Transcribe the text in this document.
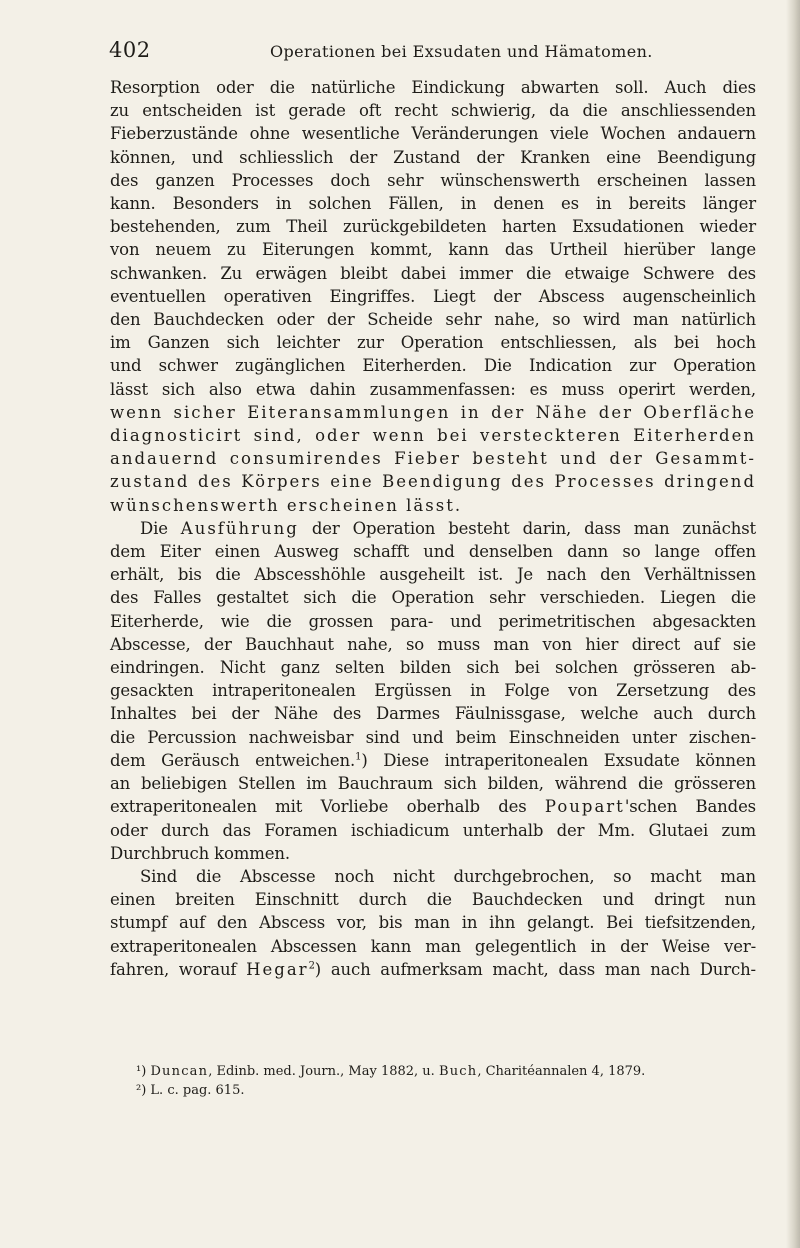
402	Operationen bei Exsudaten und Hämatomen.

Resorption oder die natürliche Eindickung abwarten soll. Auch dies

zu entscheiden ist gerade oft recht schwierig, da die anschliessenden

Fieberzustände ohne wesentliche Veränderungen viele Wochen andauern

können, und schliesslich der Zustand der Kranken eine Beendigung

des ganzen Processes doch sehr wünschenswerth erscheinen lassen

kann. Besonders in solchen Fällen, in denen es in bereits länger

bestehenden, zum Theil zurückgebildeten harten Exsudationen wieder

von neuem zu Eiterungen kommt, kann das Urtheil hierüber lange

schwanken. Zu erwägen bleibt dabei immer die etwaige Schwere des

eventuellen operativen Eingriffes. Liegt der Abscess augenscheinlich

den Bauchdecken oder der Scheide sehr nahe, so wird man natürlich

im Ganzen sich leichter zur Operation entschliessen, als bei hoch

und schwer zugänglichen Eiterherden. Die Indication zur Operation

lässt sich also etwa dahin zusammenfassen: es muss operirt werden,

wenn sicher Eiteransammlungen in der Nähe der Oberfläche

diagnosticirt sind, oder wenn bei versteckteren Eiterherden

andauernd consumirendes Fieber besteht und der Gesammt-

zustand des Körpers eine Beendigung des Processes dringend

wünschenswerth erscheinen lässt.

Die Ausführung der Operation besteht darin, dass man zunächst

dem Eiter einen Ausweg schafft und denselben dann so lange offen

erhält, bis die Abscesshöhle ausgeheilt ist. Je nach den Verhältnissen

des Falles gestaltet sich die Operation sehr verschieden. Liegen die

Eiterherde, wie die grossen para- und perimetritischen abgesackten

Abscesse, der Bauchhaut nahe, so muss man von hier direct auf sie

eindringen. Nicht ganz selten bilden sich bei solchen grösseren ab-

gesackten intraperitonealen Ergüssen in Folge von Zersetzung des

Inhaltes bei der Nähe des Darmes Fäulnissgase, welche auch durch

die Percussion nachweisbar sind und beim Einschneiden unter zischen-

dem Geräusch entweichen.$^1$) Diese intraperitonealen Exsudate können

an beliebigen Stellen im Bauchraum sich bilden, während die grösseren

extraperitonealen mit Vorliebe oberhalb des Poupart'schen Bandes

oder durch das Foramen ischiadicum unterhalb der Mm. Glutaei zum

Durchbruch kommen.

Sind die Abscesse noch nicht durchgebrochen, so macht man

einen breiten Einschnitt durch die Bauchdecken und dringt nun

stumpf auf den Abscess vor, bis man in ihn gelangt. Bei tiefsitzenden,

extraperitonealen Abscessen kann man gelegentlich in der Weise ver-

fahren, worauf Hegar$^2$) auch aufmerksam macht, dass man nach Durch-

¹) Duncan, Edinb. med. Journ., May 1882, u. Buch, Charitéannalen 4, 1879.

²) L. c. pag. 615.
